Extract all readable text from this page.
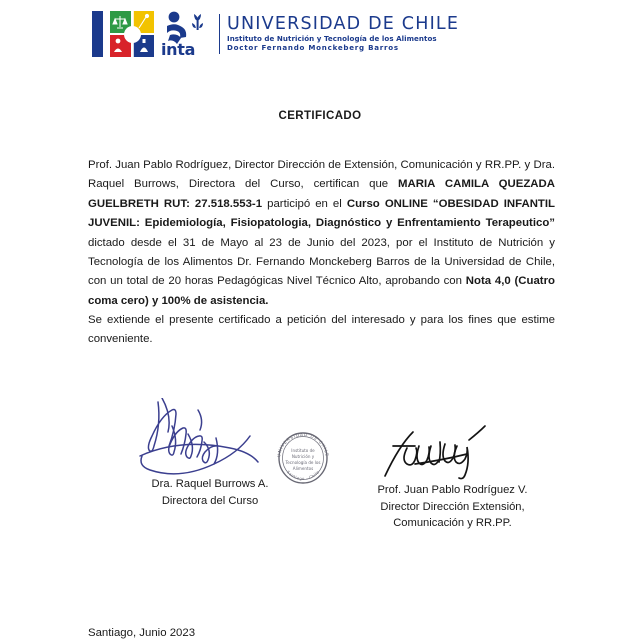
inta
UNIVERSIDAD DE CHILE
Instituto de Nutrición y Tecnología de los Alimentos
Doctor Fernando Monckeberg Barros
CERTIFICADO
Prof. Juan Pablo Rodríguez, Director Dirección de Extensión, Comunicación y RR.PP. y Dra. Raquel Burrows, Directora del Curso, certifican que MARIA CAMILA QUEZADA GUELBRETH RUT: 27.518.553-1 participó en el Curso ONLINE “OBESIDAD INFANTIL JUVENIL: Epidemiología, Fisiopatologia, Diagnóstico y Enfrentamiento Terapeutico” dictado desde el 31 de Mayo al 23 de Junio del 2023, por el Instituto de Nutrición y Tecnología de los Alimentos Dr. Fernando Monckeberg Barros de la Universidad de Chile, con un total de 20 horas Pedagógicas Nivel Técnico Alto, aprobando con Nota 4,0 (Cuatro coma cero) y 100% de asistencia.
Se extiende el presente certificado a petición del interesado y para los fines que estime conveniente.
Dra. Raquel Burrows A.
Directora del Curso
UNIVERSIDAD DE CHILE
Santiago - Chile
Instituto de
Nutrición y
Tecnología de los
Alimentos
Prof. Juan Pablo Rodríguez V.
Director Dirección Extensión,
Comunicación y RR.PP.
Santiago, Junio 2023
